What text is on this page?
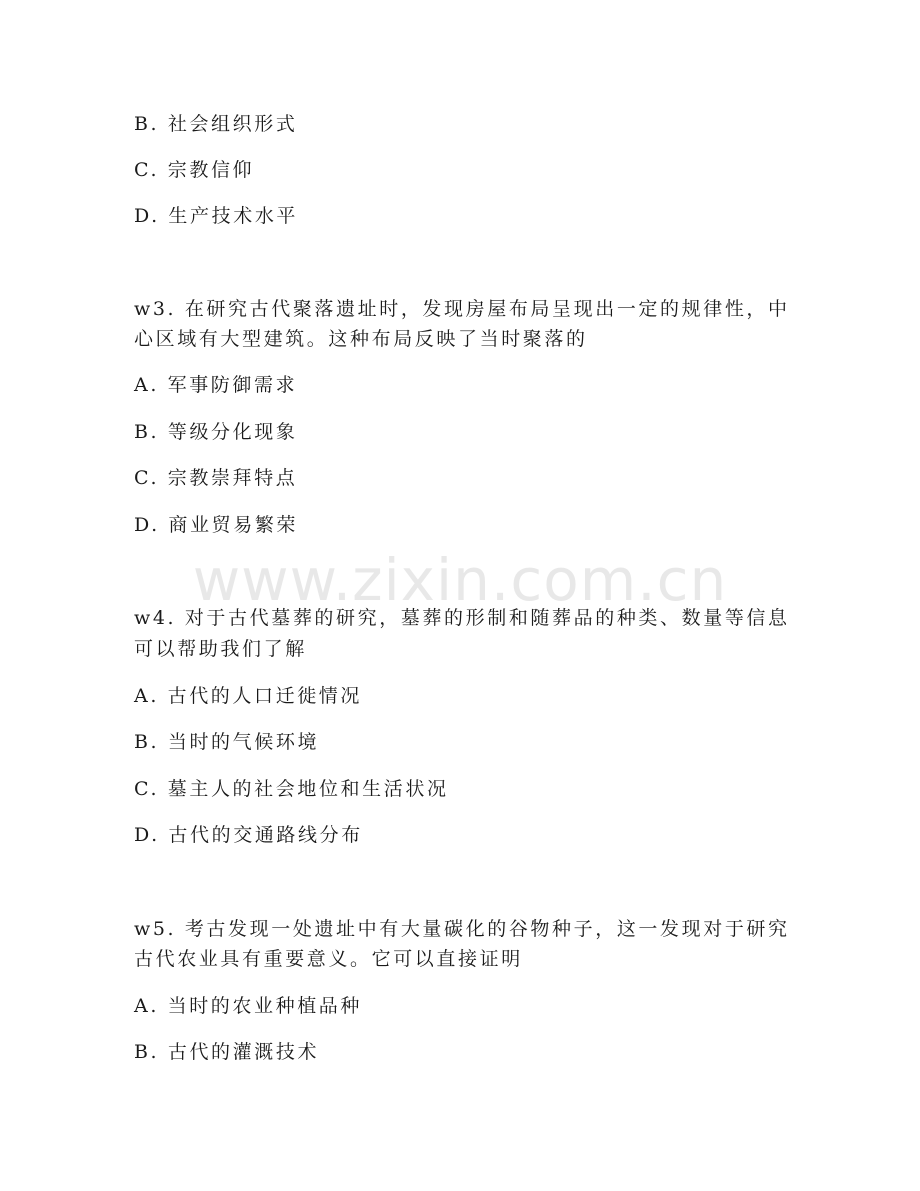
B. 社会组织形式
C. 宗教信仰
D. 生产技术水平
w3. 在研究古代聚落遗址时，发现房屋布局呈现出一定的规律性，中
心区域有大型建筑。这种布局反映了当时聚落的
A. 军事防御需求
B. 等级分化现象
C. 宗教崇拜特点
D. 商业贸易繁荣
w4. 对于古代墓葬的研究，墓葬的形制和随葬品的种类、数量等信息
可以帮助我们了解
A. 古代的人口迁徙情况
B. 当时的气候环境
C. 墓主人的社会地位和生活状况
D. 古代的交通路线分布
w5. 考古发现一处遗址中有大量碳化的谷物种子，这一发现对于研究
古代农业具有重要意义。它可以直接证明
A. 当时的农业种植品种
B. 古代的灌溉技术
www.zixin.com.cn
